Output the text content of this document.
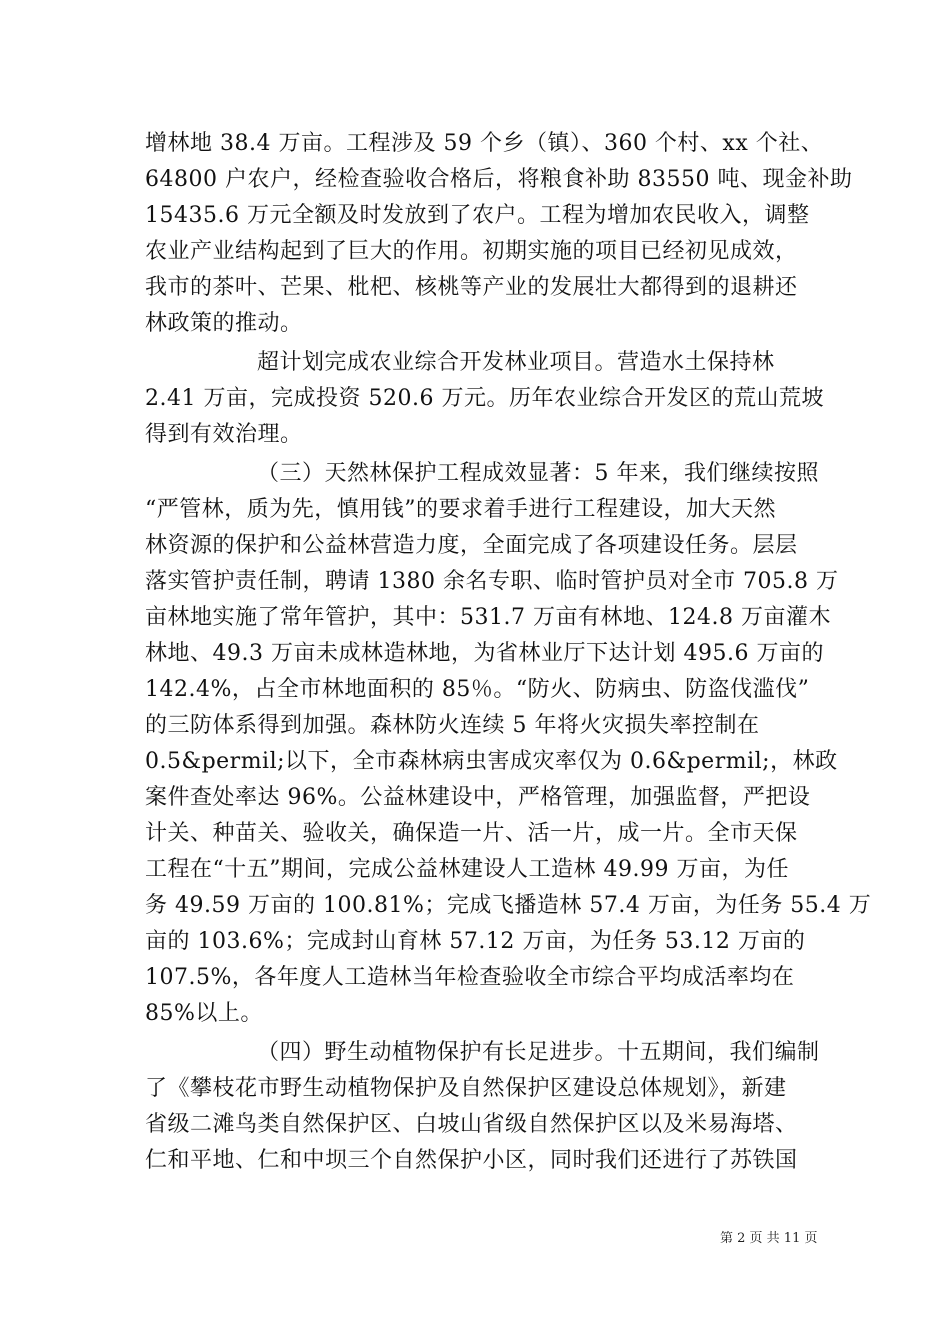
增林地 38.4 万亩。工程涉及 59 个乡（镇）、360 个村、xx 个社、
64800 户农户，经检查验收合格后，将粮食补助 83550 吨、现金补助
15435.6 万元全额及时发放到了农户。工程为增加农民收入，调整
农业产业结构起到了巨大的作用。初期实施的项目已经初见成效，
我市的茶叶、芒果、枇杷、核桃等产业的发展壮大都得到的退耕还
林政策的推动。
超计划完成农业综合开发林业项目。营造水土保持林
2.41 万亩，完成投资 520.6 万元。历年农业综合开发区的荒山荒坡
得到有效治理。
（三）天然林保护工程成效显著：5 年来，我们继续按照
“严管林，质为先，慎用钱”的要求着手进行工程建设，加大天然
林资源的保护和公益林营造力度，全面完成了各项建设任务。层层
落实管护责任制，聘请 1380 余名专职、临时管护员对全市 705.8 万
亩林地实施了常年管护，其中：531.7 万亩有林地、124.8 万亩灌木
林地、49.3 万亩未成林造林地，为省林业厅下达计划 495.6 万亩的
142.4%，占全市林地面积的 85％。“防火、防病虫、防盗伐滥伐”
的三防体系得到加强。森林防火连续 5 年将火灾损失率控制在
0.5&permil;以下，全市森林病虫害成灾率仅为 0.6&permil;，林政
案件查处率达 96%。公益林建设中，严格管理，加强监督，严把设
计关、种苗关、验收关，确保造一片、活一片，成一片。全市天保
工程在“十五”期间，完成公益林建设人工造林 49.99 万亩，为任
务 49.59 万亩的 100.81%；完成飞播造林 57.4 万亩，为任务 55.4 万
亩的 103.6%；完成封山育林 57.12 万亩，为任务 53.12 万亩的
107.5%，各年度人工造林当年检查验收全市综合平均成活率均在
85%以上。
（四）野生动植物保护有长足进步。十五期间，我们编制
了《攀枝花市野生动植物保护及自然保护区建设总体规划》，新建
省级二滩鸟类自然保护区、白坡山省级自然保护区以及米易海塔、
仁和平地、仁和中坝三个自然保护小区，同时我们还进行了苏铁国
第 2 页 共 11 页
